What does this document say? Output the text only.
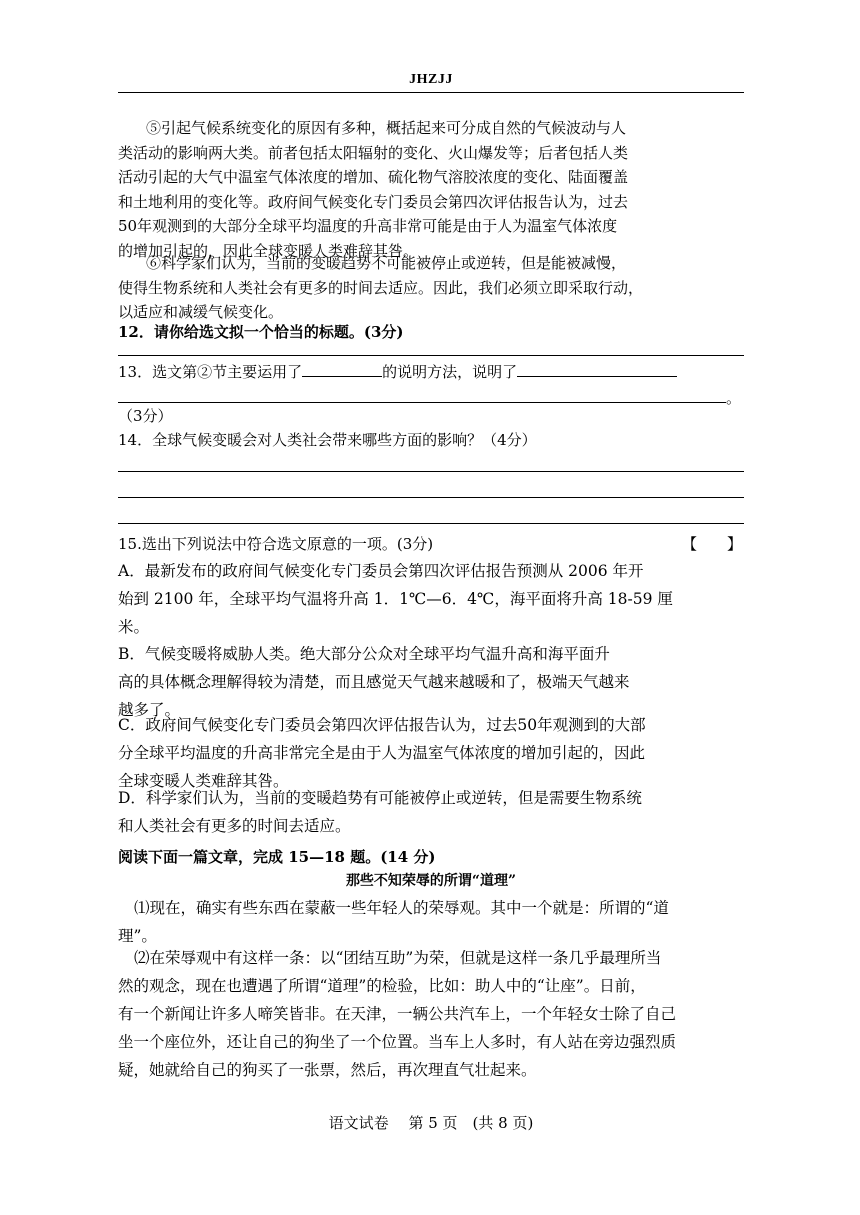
JHZJJ
⑤引起气候系统变化的原因有多种，概括起来可分成自然的气候波动与人
类活动的影响两大类。前者包括太阳辐射的变化、火山爆发等；后者包括人类
活动引起的大气中温室气体浓度的增加、硫化物气溶胶浓度的变化、陆面覆盖
和土地利用的变化等。政府间气候变化专门委员会第四次评估报告认为，过去
50年观测到的大部分全球平均温度的升高非常可能是由于人为温室气体浓度
的增加引起的，因此全球变暖人类难辞其咎。
⑥科学家们认为，当前的变暖趋势不可能被停止或逆转，但是能被减慢，
使得生物系统和人类社会有更多的时间去适应。因此，我们必须立即采取行动，
以适应和减缓气候变化。
12．请你给选文拟一个恰当的标题。(3分)
13．选文第②节主要运用了	的说明方法，说明了
。
（3分）
14．全球气候变暖会对人类社会带来哪些方面的影响？（4分）
15.选出下列说法中符合选文原意的一项。(3分)	【　　】
A．最新发布的政府间气候变化专门委员会第四次评估报告预测从 2006 年开
始到 2100 年，全球平均气温将升高 1．1℃—6．4℃，海平面将升高 18-59 厘
米。
B．气候变暖将威胁人类。绝大部分公众对全球平均气温升高和海平面升
高的具体概念理解得较为清楚，而且感觉天气越来越暖和了，极端天气越来
越多了。
C．政府间气候变化专门委员会第四次评估报告认为，过去50年观测到的大部
分全球平均温度的升高非常完全是由于人为温室气体浓度的增加引起的，因此
全球变暖人类难辞其咎。
D．科学家们认为，当前的变暖趋势有可能被停止或逆转，但是需要生物系统
和人类社会有更多的时间去适应。
阅读下面一篇文章，完成 15—18 题。(14 分)
那些不知荣辱的所谓“道理”
⑴现在，确实有些东西在蒙蔽一些年轻人的荣辱观。其中一个就是：所谓的“道
理”。
⑵在荣辱观中有这样一条：以“团结互助”为荣，但就是这样一条几乎最理所当
然的观念，现在也遭遇了所谓“道理”的检验，比如：助人中的“让座”。日前，
有一个新闻让许多人啼笑皆非。在天津，一辆公共汽车上，一个年轻女士除了自己
坐一个座位外，还让自己的狗坐了一个位置。当车上人多时，有人站在旁边强烈质
疑，她就给自己的狗买了一张票，然后，再次理直气壮起来。
语文试卷　 第 5 页　(共 8 页)
